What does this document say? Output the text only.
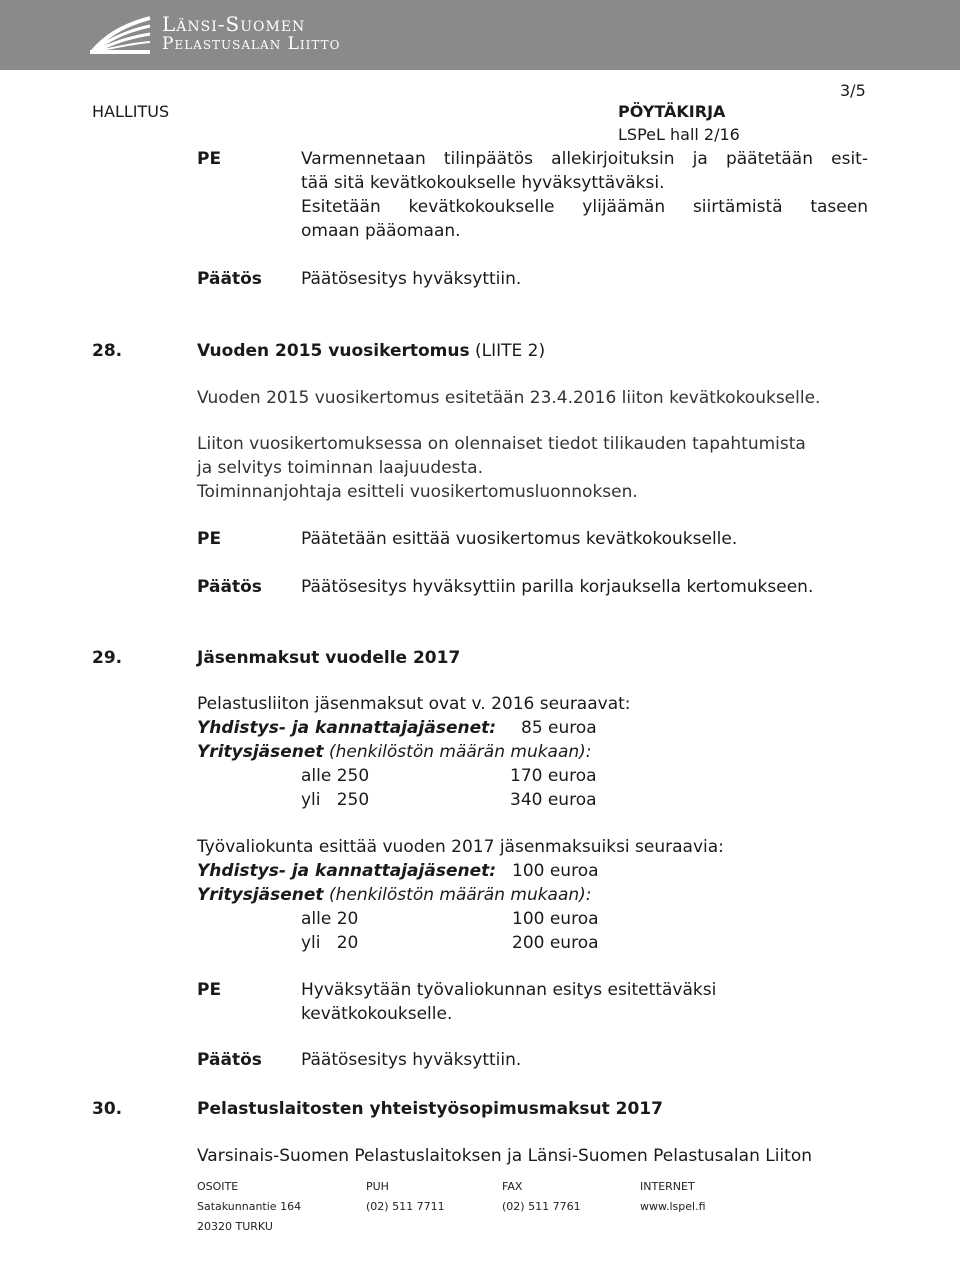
Länsi-Suomen
Pelastusalan Liitto
3/5
HALLITUS	PÖYTÄKIRJA
LSPeL hall 2/16
PE	Varmennetaan tilinpäätös allekirjoituksin ja päätetään esit-
tää sitä kevätkokoukselle hyväksyttäväksi.
Esitetään kevätkokoukselle ylijäämän siirtämistä taseen
omaan pääomaan.
Päätös Päätösesitys hyväksyttiin.
28.	Vuoden 2015 vuosikertomus (LIITE 2)
Vuoden 2015 vuosikertomus esitetään 23.4.2016 liiton kevätkokoukselle.
Liiton vuosikertomuksessa on olennaiset tiedot tilikauden tapahtumista
ja selvitys toiminnan laajuudesta.
Toiminnanjohtaja esitteli vuosikertomusluonnoksen.
PE	Päätetään esittää vuosikertomus kevätkokoukselle.
Päätös Päätösesitys hyväksyttiin parilla korjauksella kertomukseen.
29.	Jäsenmaksut vuodelle 2017
Pelastusliiton jäsenmaksut ovat v. 2016 seuraavat:
Yhdistys- ja kannattajajäsenet: 85 euroa
Yritysjäsenet (henkilöstön määrän mukaan):
alle 250	170 euroa
yli   250	340 euroa
Työvaliokunta esittää vuoden 2017 jäsenmaksuiksi seuraavia:
Yhdistys- ja kannattajajäsenet: 100 euroa
Yritysjäsenet (henkilöstön määrän mukaan):
alle 20	100 euroa
yli   20	200 euroa
PE	Hyväksytään työvaliokunnan esitys esitettäväksi
kevätkokoukselle.
Päätös Päätösesitys hyväksyttiin.
30.	Pelastuslaitosten yhteistyösopimusmaksut 2017
Varsinais-Suomen Pelastuslaitoksen ja Länsi-Suomen Pelastusalan Liiton
OSOITE	PUH	FAX	INTERNET
Satakunnantie 164	(02) 511 7711	(02) 511 7761	www.lspel.fi
20320 TURKU
